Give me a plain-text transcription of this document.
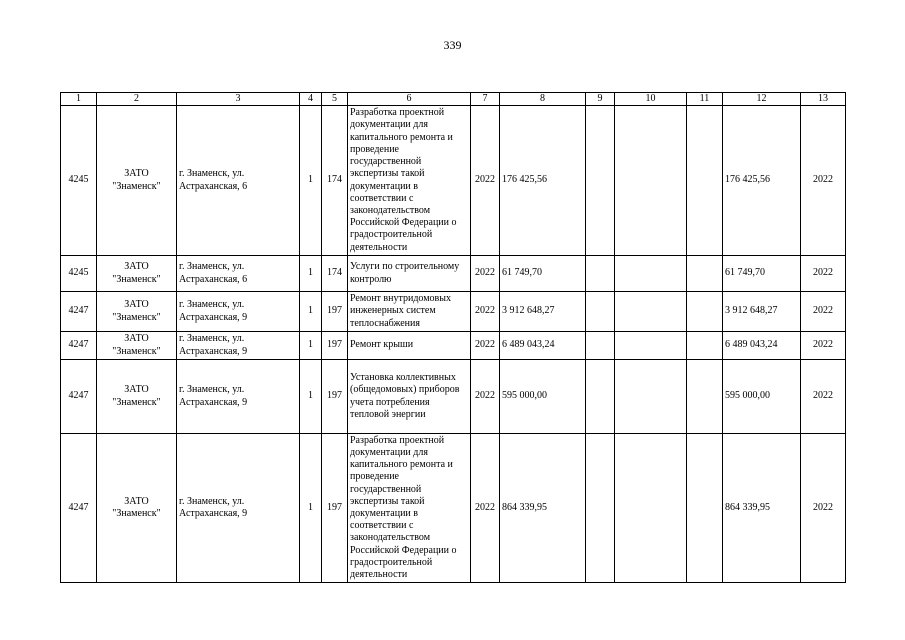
339
1	2	3	4	5	6	7	8	9	10	11	12	13
4245	ЗАТО "Знаменск"	г. Знаменск, ул. Астраханская, 6	1	174	Разработка проектной документации для капитального ремонта и проведение государственной экспертизы такой документации в соответствии с законодательством Российской Федерации о градостроительной деятельности	2022	176 425,56				176 425,56	2022
4245	ЗАТО "Знаменск"	г. Знаменск, ул. Астраханская, 6	1	174	Услуги по строительному контролю	2022	61 749,70				61 749,70	2022
4247	ЗАТО "Знаменск"	г. Знаменск, ул. Астраханская, 9	1	197	Ремонт внутридомовых инженерных систем теплоснабжения	2022	3 912 648,27				3 912 648,27	2022
4247	ЗАТО "Знаменск"	г. Знаменск, ул. Астраханская, 9	1	197	Ремонт крыши	2022	6 489 043,24				6 489 043,24	2022
4247	ЗАТО "Знаменск"	г. Знаменск, ул. Астраханская, 9	1	197	Установка коллективных (общедомовых) приборов учета потребления тепловой энергии	2022	595 000,00				595 000,00	2022
4247	ЗАТО "Знаменск"	г. Знаменск, ул. Астраханская, 9	1	197	Разработка проектной документации для капитального ремонта и проведение государственной экспертизы такой документации в соответствии с законодательством Российской Федерации о градостроительной деятельности	2022	864 339,95				864 339,95	2022
